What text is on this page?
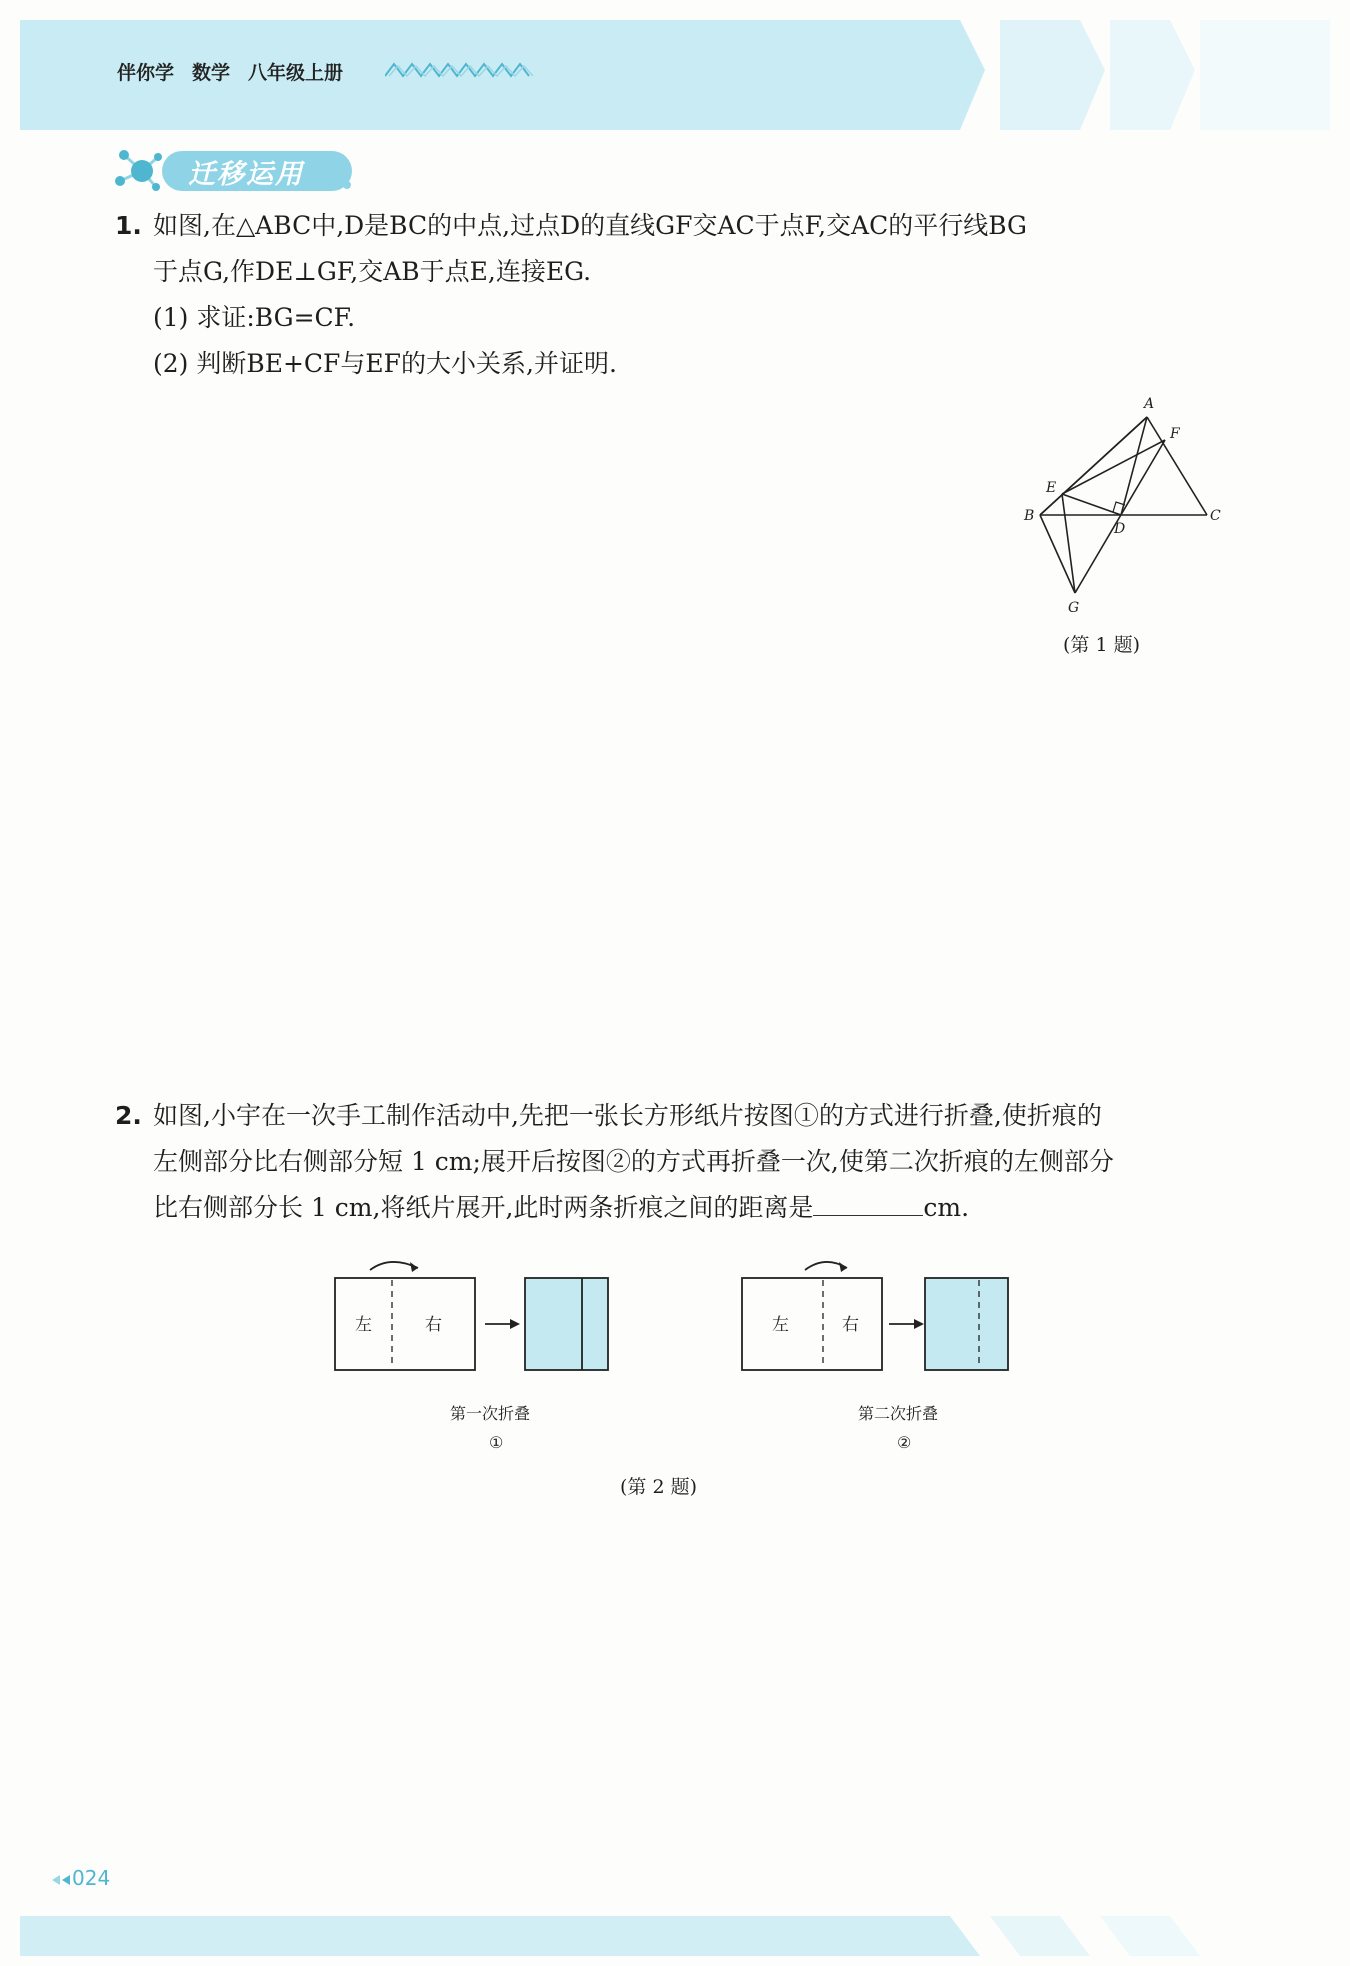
伴你学 数学 八年级上册
迁移运用
1. 如图,在△ABC中,D是BC的中点,过点D的直线GF交AC于点F,交AC的平行线BG
于点G,作DE⊥GF,交AB于点E,连接EG.
(1) 求证:BG=CF.
(2) 判断BE+CF与EF的大小关系,并证明.
A
F
E
B
D
C
G
(第 1 题)
2. 如图,小宇在一次手工制作活动中,先把一张长方形纸片按图①的方式进行折叠,使折痕的
左侧部分比右侧部分短 1 cm;展开后按图②的方式再折叠一次,使第二次折痕的左侧部分
比右侧部分长 1 cm,将纸片展开,此时两条折痕之间的距离是	cm.
左	右
第一次折叠
①
左	右
第二次折叠
②
(第 2 题)
024
